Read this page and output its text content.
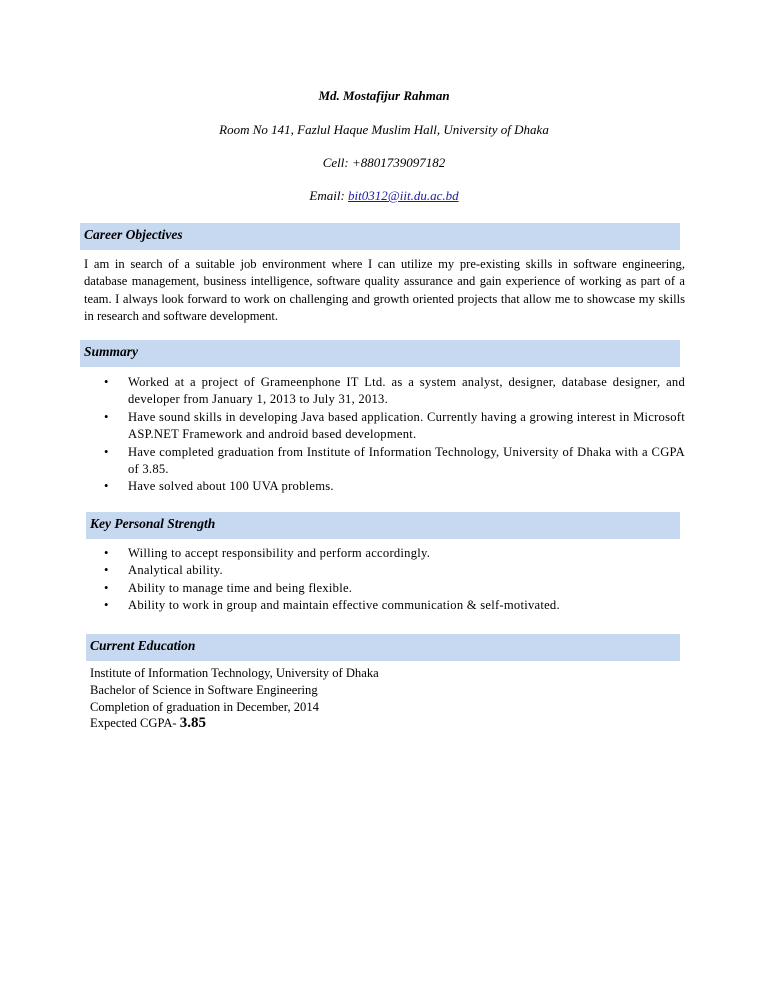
Md. Mostafijur Rahman
Room No 141, Fazlul Haque Muslim Hall, University of Dhaka
Cell: +8801739097182
Email: bit0312@iit.du.ac.bd
Career Objectives
I am in search of a suitable job environment where I can utilize my pre-existing skills in software engineering, database management, business intelligence, software quality assurance and gain experience of working as part of a team. I always look forward to work on challenging and growth oriented projects that allow me to showcase my skills in research and software development.
Summary
• Worked at a project of Grameenphone IT Ltd. as a system analyst, designer, database designer, and developer from January 1, 2013 to July 31, 2013.
• Have sound skills in developing Java based application. Currently having a growing interest in Microsoft ASP.NET Framework and android based development.
• Have completed graduation from Institute of Information Technology, University of Dhaka with a CGPA of 3.85.
• Have solved about 100 UVA problems.
Key Personal Strength
• Willing to accept responsibility and perform accordingly.
• Analytical ability.
• Ability to manage time and being flexible.
• Ability to work in group and maintain effective communication & self-motivated.
Current Education
Institute of Information Technology, University of Dhaka
Bachelor of Science in Software Engineering
Completion of graduation in December, 2014
Expected CGPA- 3.85
